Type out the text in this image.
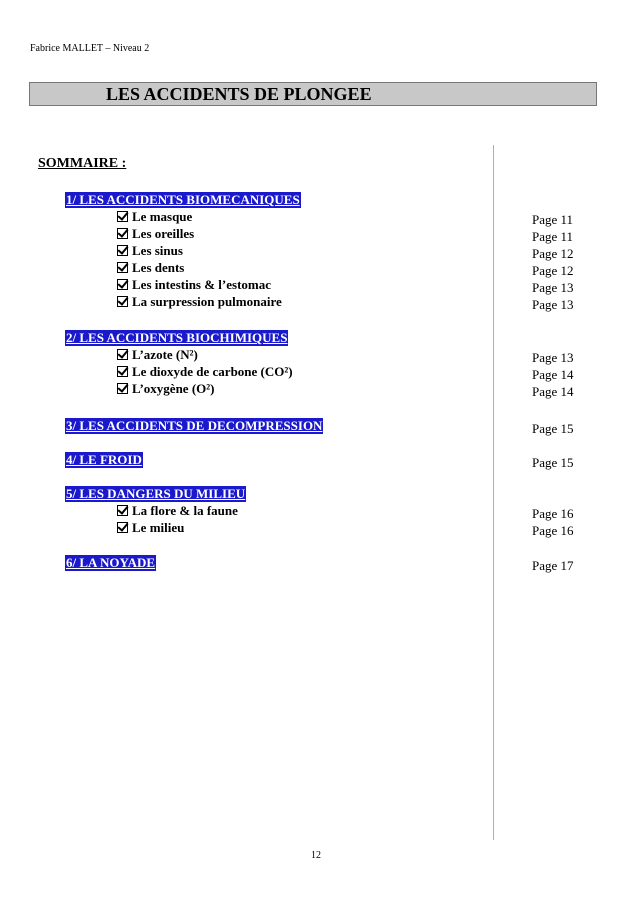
Fabrice MALLET – Niveau 2
LES ACCIDENTS DE PLONGEE
SOMMAIRE :
1/ LES ACCIDENTS BIOMECANIQUES
Le masque	Page 11
Les oreilles	Page 11
Les sinus	Page 12
Les dents	Page 12
Les intestins & l’estomac	Page 13
La surpression pulmonaire	Page 13
2/ LES ACCIDENTS BIOCHIMIQUES
L’azote (N²)	Page 13
Le dioxyde de carbone (CO²)	Page 14
L’oxygène (O²)	Page 14
3/ LES ACCIDENTS DE DECOMPRESSION	Page 15
4/ LE FROID	Page 15
5/ LES DANGERS DU MILIEU
La flore & la faune	Page 16
Le milieu	Page 16
6/ LA NOYADE	Page 17
12
